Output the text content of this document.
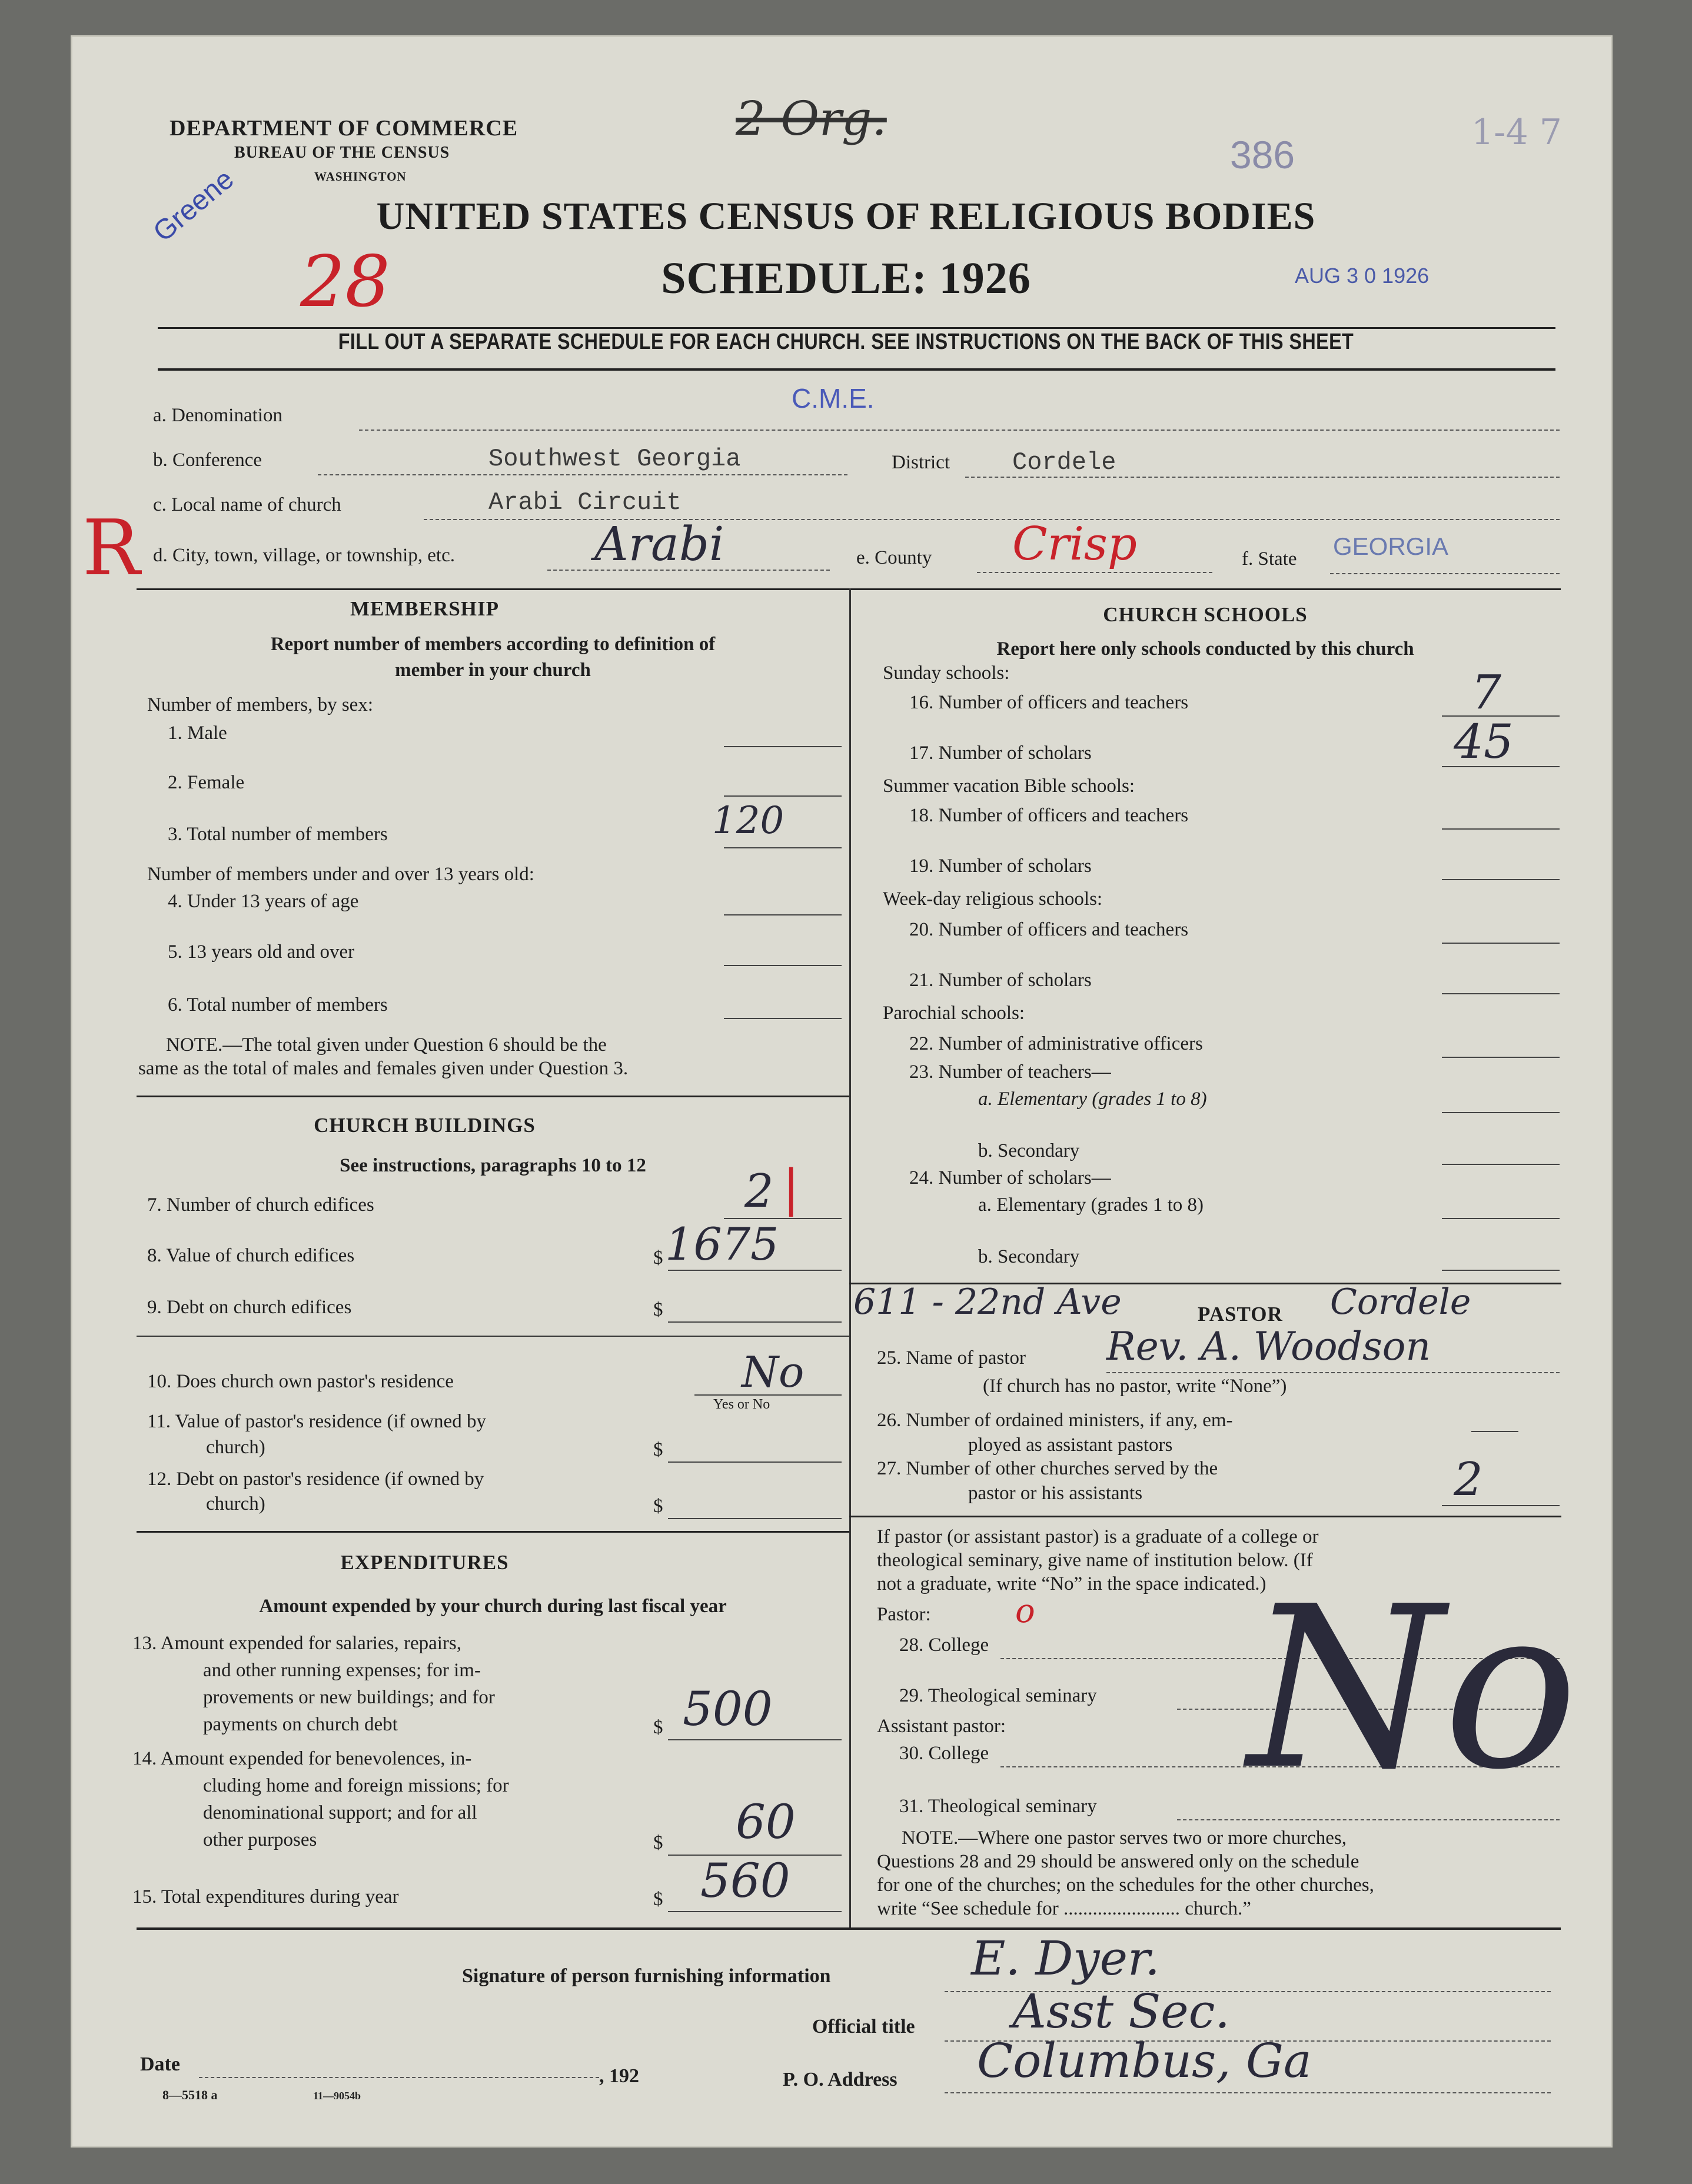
DEPARTMENT OF COMMERCE
BUREAU OF THE CENSUS
WASHINGTON
2 Org.
386
1-4 7
Greene
28
UNITED STATES CENSUS OF RELIGIOUS BODIES
SCHEDULE: 1926	AUG 3 0 1926
FILL OUT A SEPARATE SCHEDULE FOR EACH CHURCH. SEE INSTRUCTIONS ON THE BACK OF THIS SHEET
a. Denomination
C.M.E.
b. Conference	Southwest Georgia	District	Cordele
c. Local name of church	Arabi Circuit
R d. City, town, village, or township, etc.	Arabi	e. County Crisp	f. State GEORGIA
MEMBERSHIP
Report number of members according to definition of
member in your church
Number of members, by sex:
1. Male
2. Female
3. Total number of members	120
Number of members under and over 13 years old:
4. Under 13 years of age
5. 13 years old and over
6. Total number of members
NOTE.—The total given under Question 6 should be the
same as the total of males and females given under Question 3.
CHURCH BUILDINGS
See instructions, paragraphs 10 to 12
7. Number of church edifices	2 |
8. Value of church edifices	$ 1675
9. Debt on church edifices	$
10. Does church own pastor's residence	No
Yes or No
11. Value of pastor's residence (if owned by
church)	$
12. Debt on pastor's residence (if owned by
church)	$
EXPENDITURES
Amount expended by your church during last fiscal year
13. Amount expended for salaries, repairs,
and other running expenses; for im-
provements or new buildings; and for
payments on church debt	$ 500
14. Amount expended for benevolences, in-
cluding home and foreign missions; for
denominational support; and for all
other purposes	$ 60
15. Total expenditures during year	$ 560
CHURCH SCHOOLS
Report here only schools conducted by this church
Sunday schools:
16. Number of officers and teachers	7
17. Number of scholars	45
Summer vacation Bible schools:
18. Number of officers and teachers
19. Number of scholars
Week-day religious schools:
20. Number of officers and teachers
21. Number of scholars
Parochial schools:
22. Number of administrative officers
23. Number of teachers—
a. Elementary (grades 1 to 8)
b. Secondary
24. Number of scholars—
a. Elementary (grades 1 to 8)
b. Secondary
611 - 22nd Ave	PASTOR Cordele
25. Name of pastor Rev. A. Woodson
(If church has no pastor, write “None”)
26. Number of ordained ministers, if any, em-
ployed as assistant pastors
27. Number of other churches served by the
pastor or his assistants	2
If pastor (or assistant pastor) is a graduate of a college or
theological seminary, give name of institution below. (If
not a graduate, write “No” in the space indicated.)
Pastor:	o
28. College
29. Theological seminary
Assistant pastor:
30. College
31. Theological seminary No
NOTE.—Where one pastor serves two or more churches,
Questions 28 and 29 should be answered only on the schedule
for one of the churches; on the schedules for the other churches,
write “See schedule for ........................ church.”
Signature of person furnishing information	E. Dyer.
Official title Asst Sec.
Date
, 192	P. O. Address Columbus, Ga
8—5518 a	11—9054b
